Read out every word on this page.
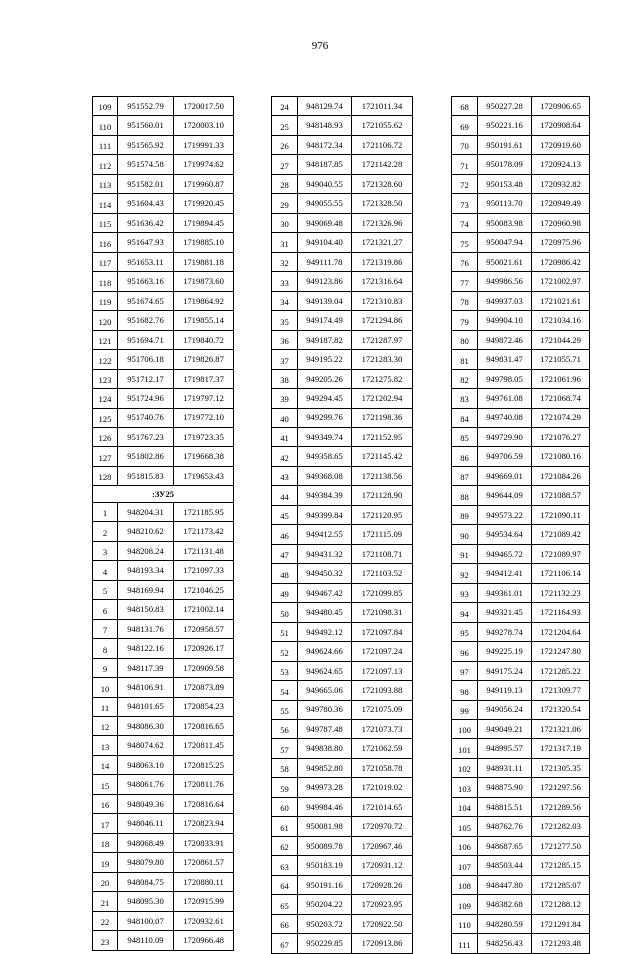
976
109	951552.79	1720017.50
110	951560.01	1720003.10
111	951565.92	1719991.33
112	951574.58	1719974.62
113	951582.01	1719960.87
114	951604.43	1719920.45
115	951636.42	1719894.45
116	951647.93	1719885.10
117	951653.11	1719881.18
118	951663.16	1719873.60
119	951674.65	1719864.92
120	951682.76	1719855.14
121	951694.71	1719840.72
122	951706.18	1719826.87
123	951712.17	1719817.37
124	951724.96	1719797.12
125	951740.76	1719772.10
126	951767.23	1719723.35
127	951802.86	1719668.38
128	951815.83	1719653.43
:ЗУ25		
1	948204.31	1721185.95
2	948210.62	1721173.42
3	948208.24	1721131.48
4	948193.34	1721097.33
5	948169.94	1721046.25
6	948150.83	1721002.14
7	948131.76	1720958.57
8	948122.16	1720926.17
9	948117.39	1720909.58
10	948106.91	1720873.89
11	948101.65	1720854.23
12	948086.30	1720816.65
13	948074.62	1720811.45
14	948063.10	1720815.25
15	948061.76	1720811.76
16	948049.36	1720816.64
17	948046.11	1720823.94
18	948068.49	1720833.91
19	948079.80	1720861.57
20	948084.75	1720880.11
21	948095.30	1720915.99
22	948100.07	1720932.61
23	948110.09	1720966.48
24	948129.74	1721011.34
25	948148.93	1721055.62
26	948172.34	1721106.72
27	948187.85	1721142.28
28	949040.55	1721328.60
29	949055.55	1721328.50
30	949069.48	1721326.96
31	949104.40	1721321.27
32	949111.78	1721319.86
33	949123.86	1721316.64
34	949139.04	1721310.83
35	949174.49	1721294.86
36	949187.82	1721287.97
37	949195.22	1721283.30
38	949205.26	1721275.82
39	949294.45	1721202.94
40	949299.76	1721198.36
41	949349.74	1721152.95
42	949358.65	1721145.42
43	949368.08	1721138.56
44	949384.39	1721128.90
45	949399.84	1721120.95
46	949412.55	1721115.09
47	949431.32	1721108.71
48	949450.32	1721103.52
49	949467.42	1721099.85
50	949480.45	1721098.31
51	949492.12	1721097.84
52	949624.66	1721097.24
53	949624.65	1721097.13
54	949665.06	1721093.88
55	949780.36	1721075.09
56	949787.48	1721073.73
57	949838.80	1721062.59
58	949852.80	1721058.78
59	949973.28	1721019.02
60	949984.46	1721014.65
61	950081.98	1720970.72
62	950089.78	1720967.46
63	950183.19	1720931.12
64	950191.16	1720928.26
65	950204.22	1720923.95
66	950203.72	1720922.50
67	950229.85	1720913.86
68	950227.28	1720906.65
69	950221.16	1720908.64
70	950191.61	1720919.60
71	950178.09	1720924.13
72	950153.48	1720932.82
73	950113.70	1720949.49
74	950083.98	1720960.98
75	950047.94	1720975.96
76	950021.61	1720986.42
77	949986.56	1721002.97
78	949937.03	1721021.61
79	949904.10	1721034.16
80	949872.46	1721044.29
81	949831.47	1721055.71
82	949798.05	1721061.96
83	949761.08	1721068.74
84	949740.08	1721074.29
85	949729.90	1721076.27
86	949706.59	1721080.16
87	949669.01	1721084.26
88	949644.09	1721088.57
89	949573.22	1721090.11
90	949534.64	1721089.42
91	949465.72	1721089.97
92	949412.41	1721106.14
93	949361.01	1721132.23
94	949321.45	1721164.93
95	949278.74	1721204.64
96	949225.19	1721247.80
97	949175.24	1721285.22
98	949119.13	1721309.77
99	949056.24	1721320.54
100	949049.21	1721321.06
101	948995.57	1721317.19
102	948931.11	1721305.35
103	948875.90	1721297.56
104	948815.51	1721289.56
105	948762.76	1721282.03
106	948687.65	1721277.50
107	948503.44	1721285.15
108	948447.80	1721285.07
109	948382.68	1721288.12
110	948280.59	1721291.84
111	948256.43	1721293.48
